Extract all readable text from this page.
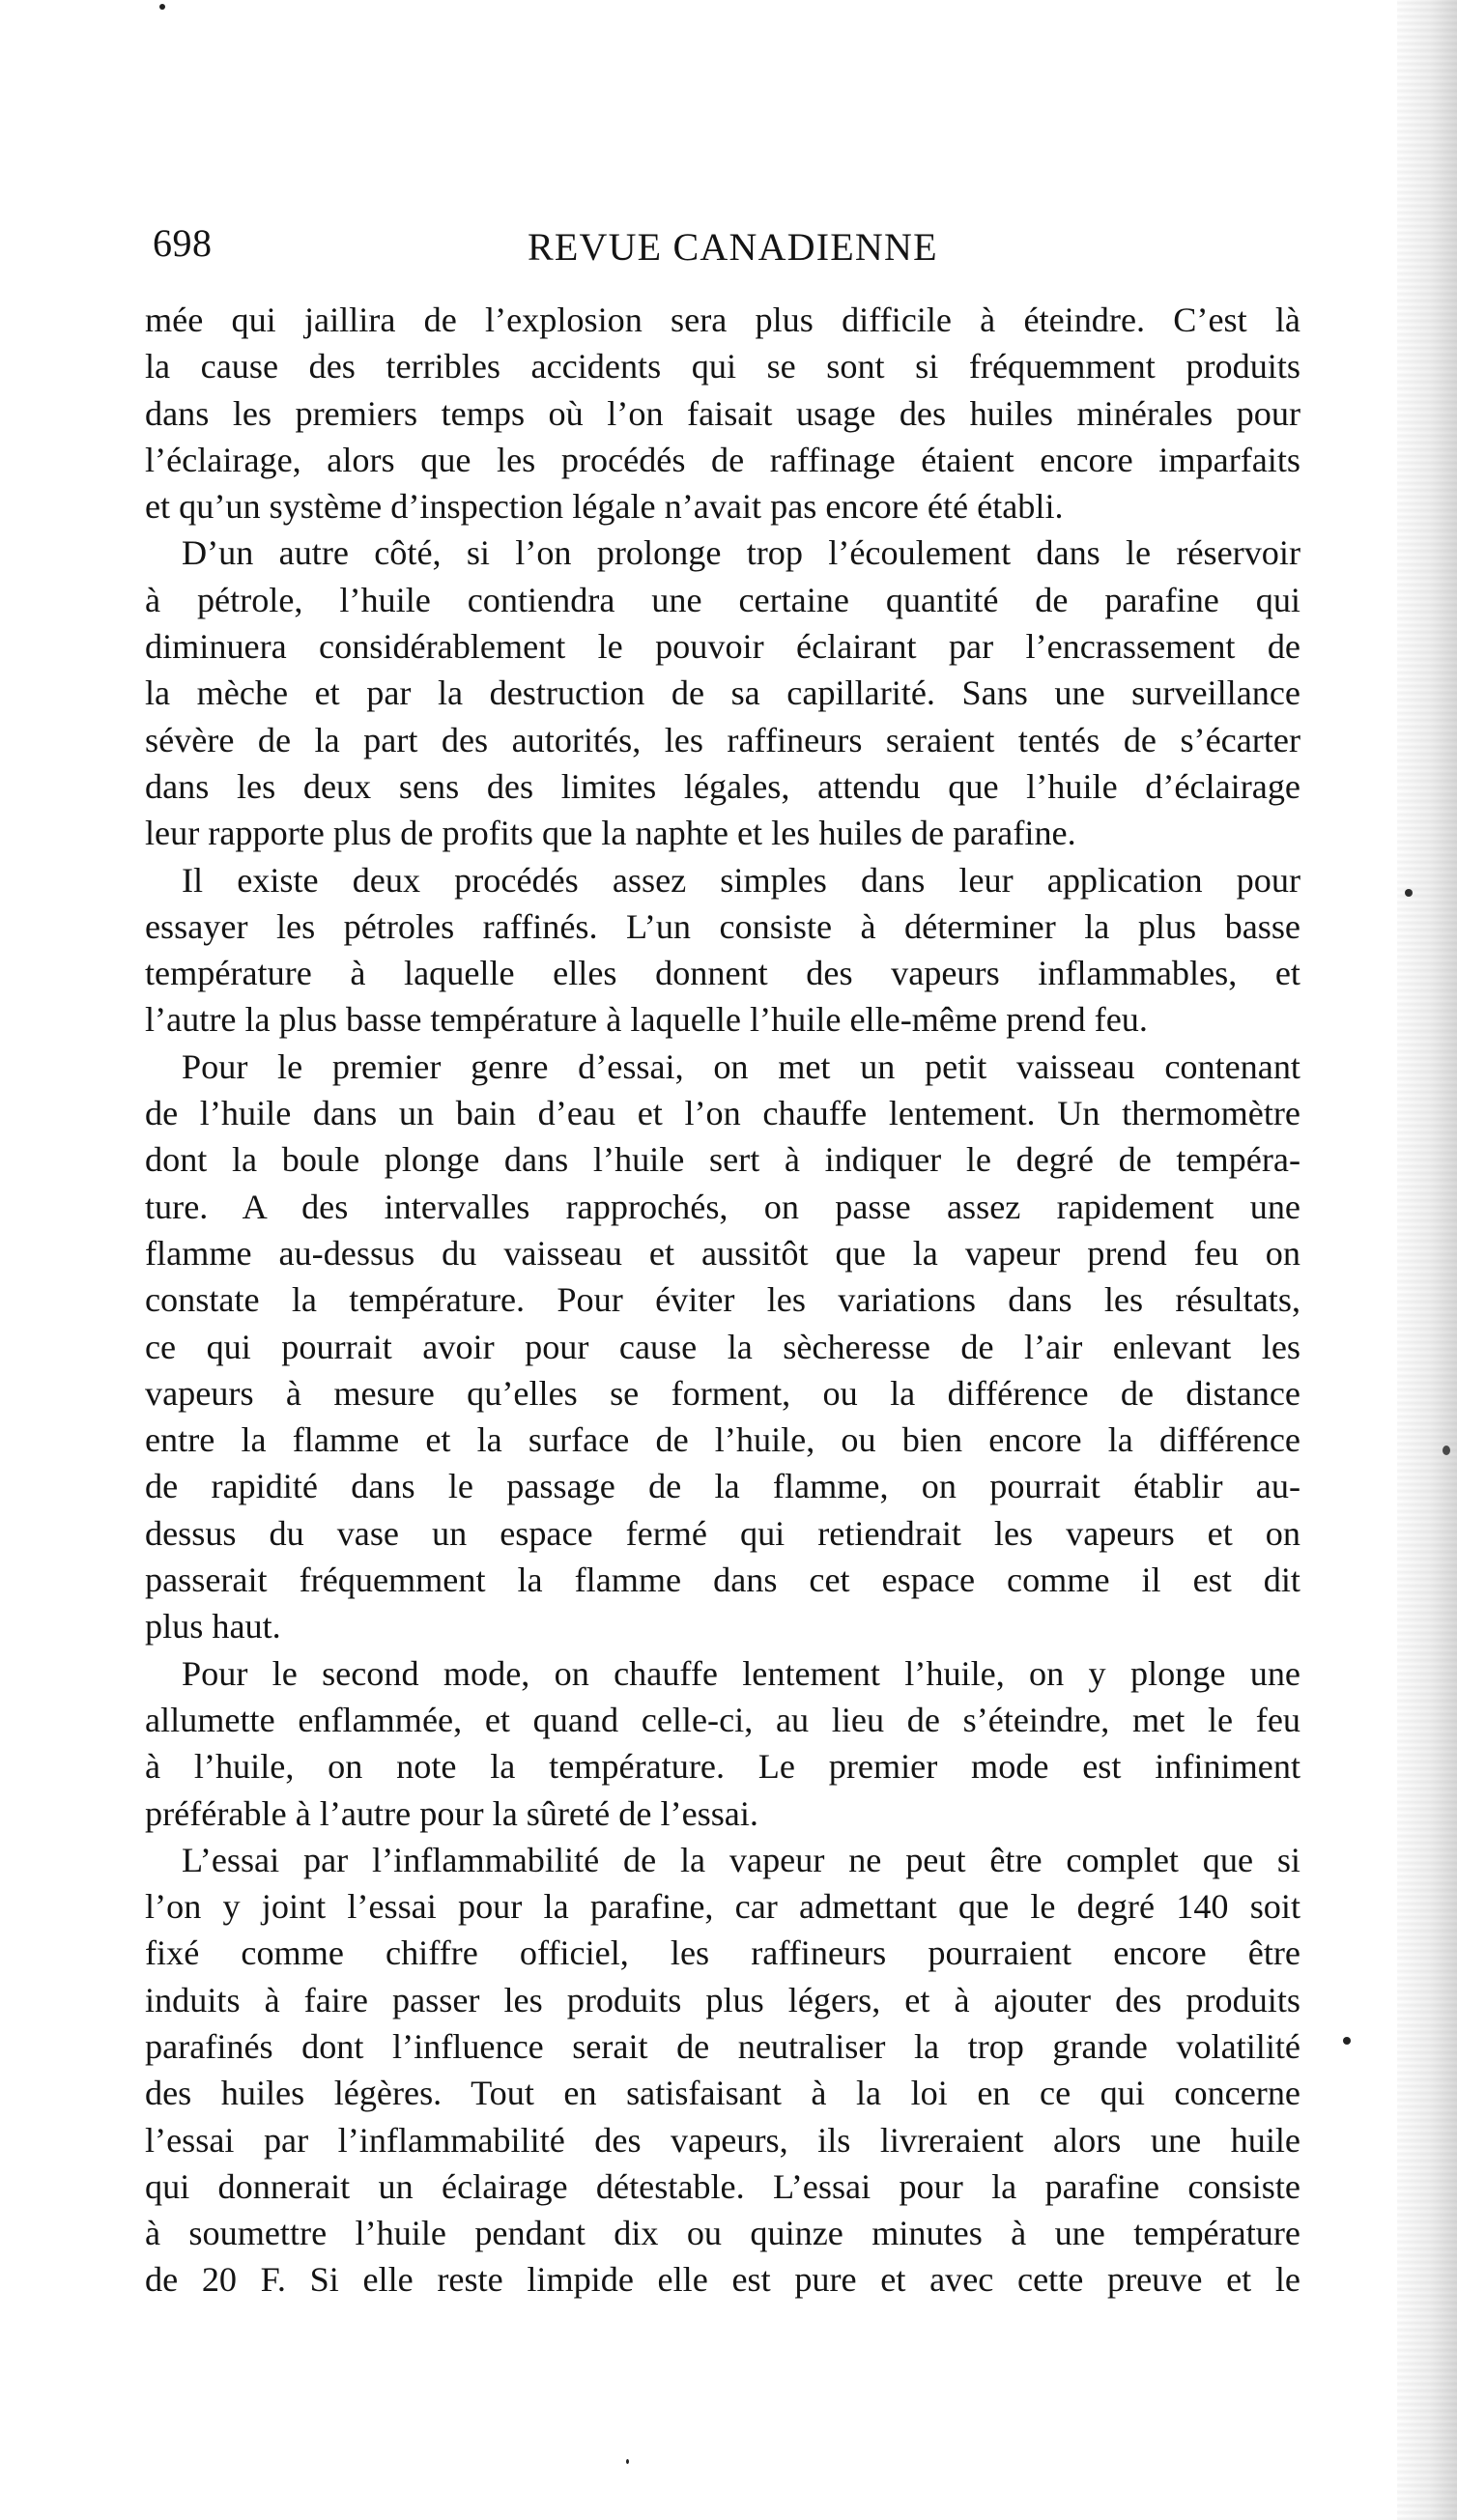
698	REVUE CANADIENNE

mée qui jaillira de l’explosion sera plus difficile à éteindre. C’est là

la cause des terribles accidents qui se sont si fréquemment produits

dans les premiers temps où l’on faisait usage des huiles minérales pour

l’éclairage, alors que les procédés de raffinage étaient encore imparfaits

et qu’un système d’inspection légale n’avait pas encore été établi.

D’un autre côté, si l’on prolonge trop l’écoulement dans le réservoir

à pétrole, l’huile contiendra une certaine quantité de parafine qui

diminuera considérablement le pouvoir éclairant par l’encrassement de

la mèche et par la destruction de sa capillarité. Sans une surveillance

sévère de la part des autorités, les raffineurs seraient tentés de s’écarter

dans les deux sens des limites légales, attendu que l’huile d’éclairage

leur rapporte plus de profits que la naphte et les huiles de parafine.

Il existe deux procédés assez simples dans leur application pour

essayer les pétroles raffinés. L’un consiste à déterminer la plus basse

température à laquelle elles donnent des vapeurs inflammables, et

l’autre la plus basse température à laquelle l’huile elle-même prend feu.

Pour le premier genre d’essai, on met un petit vaisseau contenant

de l’huile dans un bain d’eau et l’on chauffe lentement. Un thermomètre

dont la boule plonge dans l’huile sert à indiquer le degré de tempéra-

ture. A des intervalles rapprochés, on passe assez rapidement une

flamme au-dessus du vaisseau et aussitôt que la vapeur prend feu on

constate la température. Pour éviter les variations dans les résultats,

ce qui pourrait avoir pour cause la sècheresse de l’air enlevant les

vapeurs à mesure qu’elles se forment, ou la différence de distance

entre la flamme et la surface de l’huile, ou bien encore la différence

de rapidité dans le passage de la flamme, on pourrait établir au-

dessus du vase un espace fermé qui retiendrait les vapeurs et on

passerait fréquemment la flamme dans cet espace comme il est dit

plus haut.

Pour le second mode, on chauffe lentement l’huile, on y plonge une

allumette enflammée, et quand celle-ci, au lieu de s’éteindre, met le feu

à l’huile, on note la température. Le premier mode est infiniment

préférable à l’autre pour la sûreté de l’essai.

L’essai par l’inflammabilité de la vapeur ne peut être complet que si

l’on y joint l’essai pour la parafine, car admettant que le degré 140 soit

fixé comme chiffre officiel, les raffineurs pourraient encore être

induits à faire passer les produits plus légers, et à ajouter des produits

parafinés dont l’influence serait de neutraliser la trop grande volatilité

des huiles légères. Tout en satisfaisant à la loi en ce qui concerne

l’essai par l’inflammabilité des vapeurs, ils livreraient alors une huile

qui donnerait un éclairage détestable. L’essai pour la parafine consiste

à soumettre l’huile pendant dix ou quinze minutes à une température

de 20 F. Si elle reste limpide elle est pure et avec cette preuve et le
